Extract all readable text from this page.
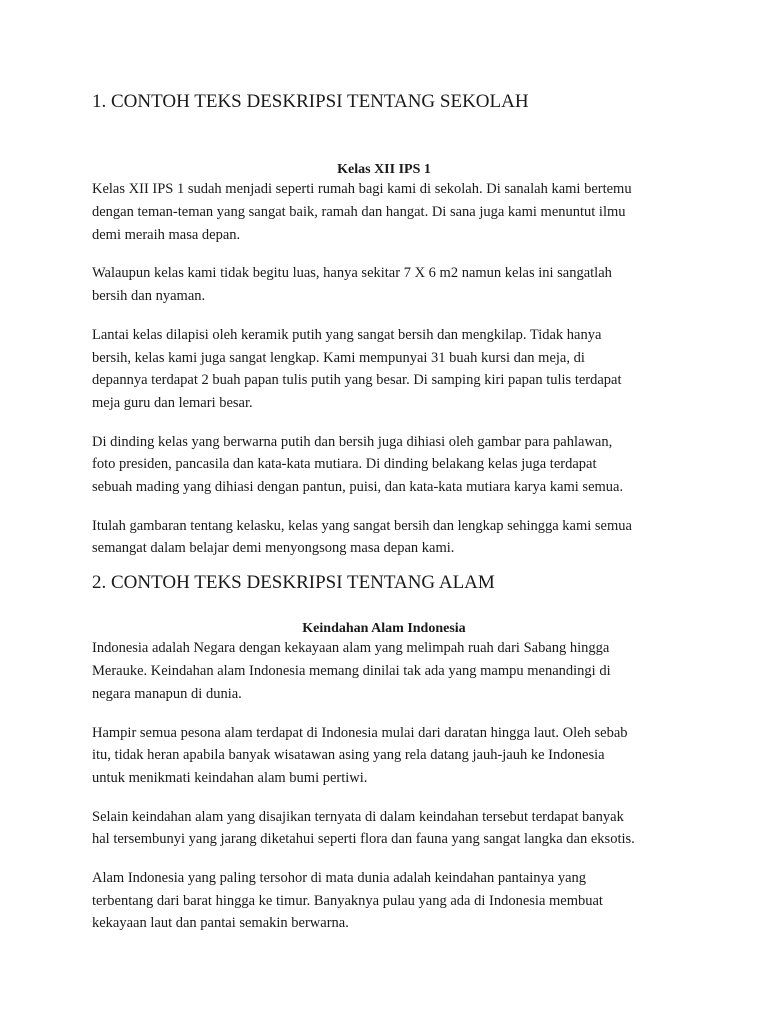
1. CONTOH TEKS DESKRIPSI TENTANG SEKOLAH
Kelas XII IPS 1

Kelas XII IPS 1 sudah menjadi seperti rumah bagi kami di sekolah. Di sanalah kami bertemu

dengan teman-teman yang sangat baik, ramah dan hangat. Di sana juga kami menuntut ilmu

demi meraih masa depan.

Walaupun kelas kami tidak begitu luas, hanya sekitar 7 X 6 m2 namun kelas ini sangatlah

bersih dan nyaman.

Lantai kelas dilapisi oleh keramik putih yang sangat bersih dan mengkilap. Tidak hanya

bersih, kelas kami juga sangat lengkap. Kami mempunyai 31 buah kursi dan meja, di

depannya terdapat 2 buah papan tulis putih yang besar. Di samping kiri papan tulis terdapat

meja guru dan lemari besar.

Di dinding kelas yang berwarna putih dan bersih juga dihiasi oleh gambar para pahlawan,

foto presiden, pancasila dan kata-kata mutiara. Di dinding belakang kelas juga terdapat

sebuah mading yang dihiasi dengan pantun, puisi, dan kata-kata mutiara karya kami semua.

Itulah gambaran tentang kelasku, kelas yang sangat bersih dan lengkap sehingga kami semua

semangat dalam belajar demi menyongsong masa depan kami.

2. CONTOH TEKS DESKRIPSI TENTANG ALAM
Keindahan Alam Indonesia

Indonesia adalah Negara dengan kekayaan alam yang melimpah ruah dari Sabang hingga

Merauke. Keindahan alam Indonesia memang dinilai tak ada yang mampu menandingi di

negara manapun di dunia.

Hampir semua pesona alam terdapat di Indonesia mulai dari daratan hingga laut. Oleh sebab

itu, tidak heran apabila banyak wisatawan asing yang rela datang jauh-jauh ke Indonesia

untuk menikmati keindahan alam bumi pertiwi.

Selain keindahan alam yang disajikan ternyata di dalam keindahan tersebut terdapat banyak

hal tersembunyi yang jarang diketahui seperti flora dan fauna yang sangat langka dan eksotis.

Alam Indonesia yang paling tersohor di mata dunia adalah keindahan pantainya yang

terbentang dari barat hingga ke timur. Banyaknya pulau yang ada di Indonesia membuat

kekayaan laut dan pantai semakin berwarna.
